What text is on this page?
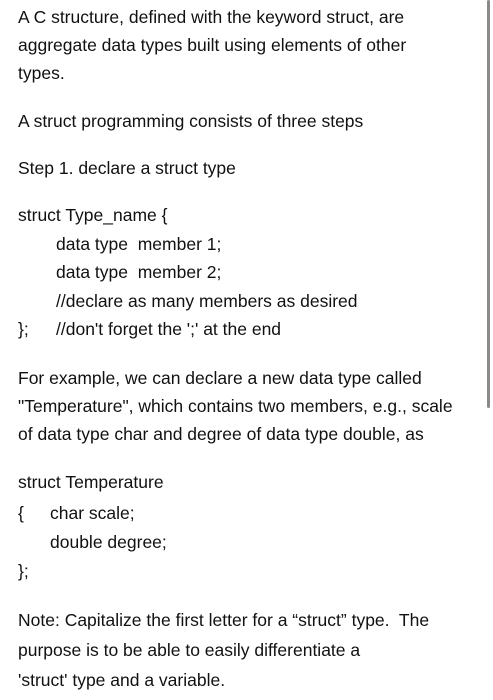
A C structure, defined with the keyword struct, are
aggregate data types built using elements of other
types.
A struct programming consists of three steps
Step 1. declare a struct type
struct Type_name {
data type  member 1;
data type  member 2;
//declare as many members as desired
}; //don't forget the ';' at the end
For example, we can declare a new data type called
"Temperature", which contains two members, e.g., scale
of data type char and degree of data type double, as
struct Temperature
{ char scale;
double degree;
};
Note: Capitalize the first letter for a “struct” type.  The
purpose is to be able to easily differentiate a
'struct' type and a variable.
